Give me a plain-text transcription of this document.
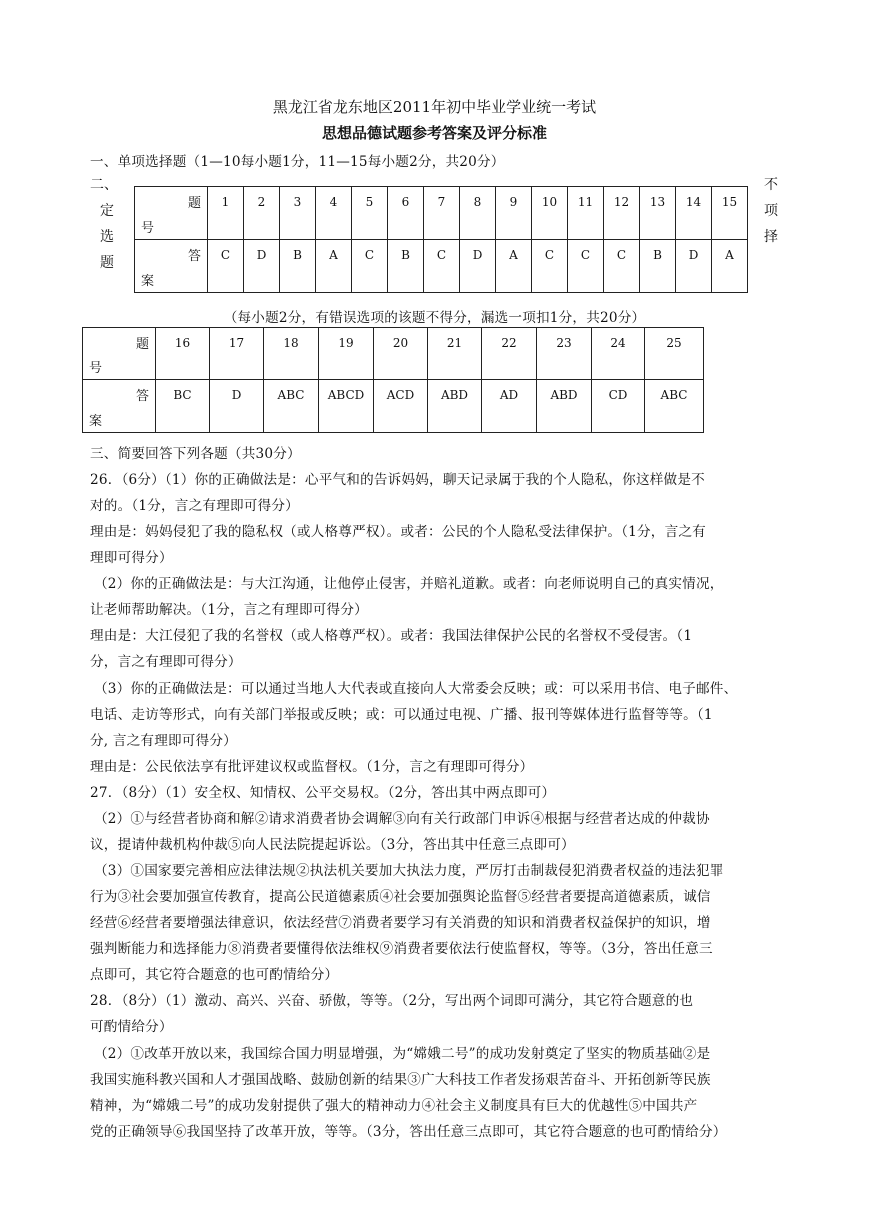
黑龙江省龙东地区2011年初中毕业学业统一考试
思想品德试题参考答案及评分标准
一、单项选择题（1—10每小题1分，11—15每小题2分，共20分）
二、
定
选
题
不
项
择
题
号	1	2	3	4	5	6	7	8	9	10	11	12	13	14	15

答
案	C	D	B	A	C	B	C	D	A	C	C	C	B	D	A
（每小题2分，有错误选项的该题不得分，漏选一项扣1分，共20分）
题
号	16	17	18	19	20	21	22	23	24	25

答
案	BC	D	ABC	ABCD	ACD	ABD	AD	ABD	CD	ABC
三、简要回答下列各题（共30分）
26．（6分）（1）你的正确做法是：心平气和的告诉妈妈，聊天记录属于我的个人隐私，你这样做是不
对的。（1分，言之有理即可得分）
理由是：妈妈侵犯了我的隐私权（或人格尊严权）。或者：公民的个人隐私受法律保护。（1分，言之有
理即可得分）
（2）你的正确做法是：与大江沟通，让他停止侵害，并赔礼道歉。或者：向老师说明自己的真实情况，
让老师帮助解决。（1分，言之有理即可得分）
理由是：大江侵犯了我的名誉权（或人格尊严权）。或者：我国法律保护公民的名誉权不受侵害。（1
分，言之有理即可得分）
（3）你的正确做法是：可以通过当地人大代表或直接向人大常委会反映；或：可以采用书信、电子邮件、
电话、走访等形式，向有关部门举报或反映；或：可以通过电视、广播、报刊等媒体进行监督等等。（1
分, 言之有理即可得分）
理由是：公民依法享有批评建议权或监督权。（1分，言之有理即可得分）
27．（8分）（1）安全权、知情权、公平交易权。（2分，答出其中两点即可）
（2）①与经营者协商和解②请求消费者协会调解③向有关行政部门申诉④根据与经营者达成的仲裁协
议，提请仲裁机构仲裁⑤向人民法院提起诉讼。（3分，答出其中任意三点即可）
（3）①国家要完善相应法律法规②执法机关要加大执法力度，严厉打击制裁侵犯消费者权益的违法犯罪
行为③社会要加强宣传教育，提高公民道德素质④社会要加强舆论监督⑤经营者要提高道德素质，诚信
经营⑥经营者要增强法律意识，依法经营⑦消费者要学习有关消费的知识和消费者权益保护的知识，增
强判断能力和选择能力⑧消费者要懂得依法维权⑨消费者要依法行使监督权，等等。（3分，答出任意三
点即可，其它符合题意的也可酌情给分）
28．（8分）（1）激动、高兴、兴奋、骄傲，等等。（2分，写出两个词即可满分，其它符合题意的也
可酌情给分）
（2）①改革开放以来，我国综合国力明显增强，为“嫦娥二号”的成功发射奠定了坚实的物质基础②是
我国实施科教兴国和人才强国战略、鼓励创新的结果③广大科技工作者发扬艰苦奋斗、开拓创新等民族
精神，为“嫦娥二号”的成功发射提供了强大的精神动力④社会主义制度具有巨大的优越性⑤中国共产
党的正确领导⑥我国坚持了改革开放，等等。（3分，答出任意三点即可，其它符合题意的也可酌情给分）
